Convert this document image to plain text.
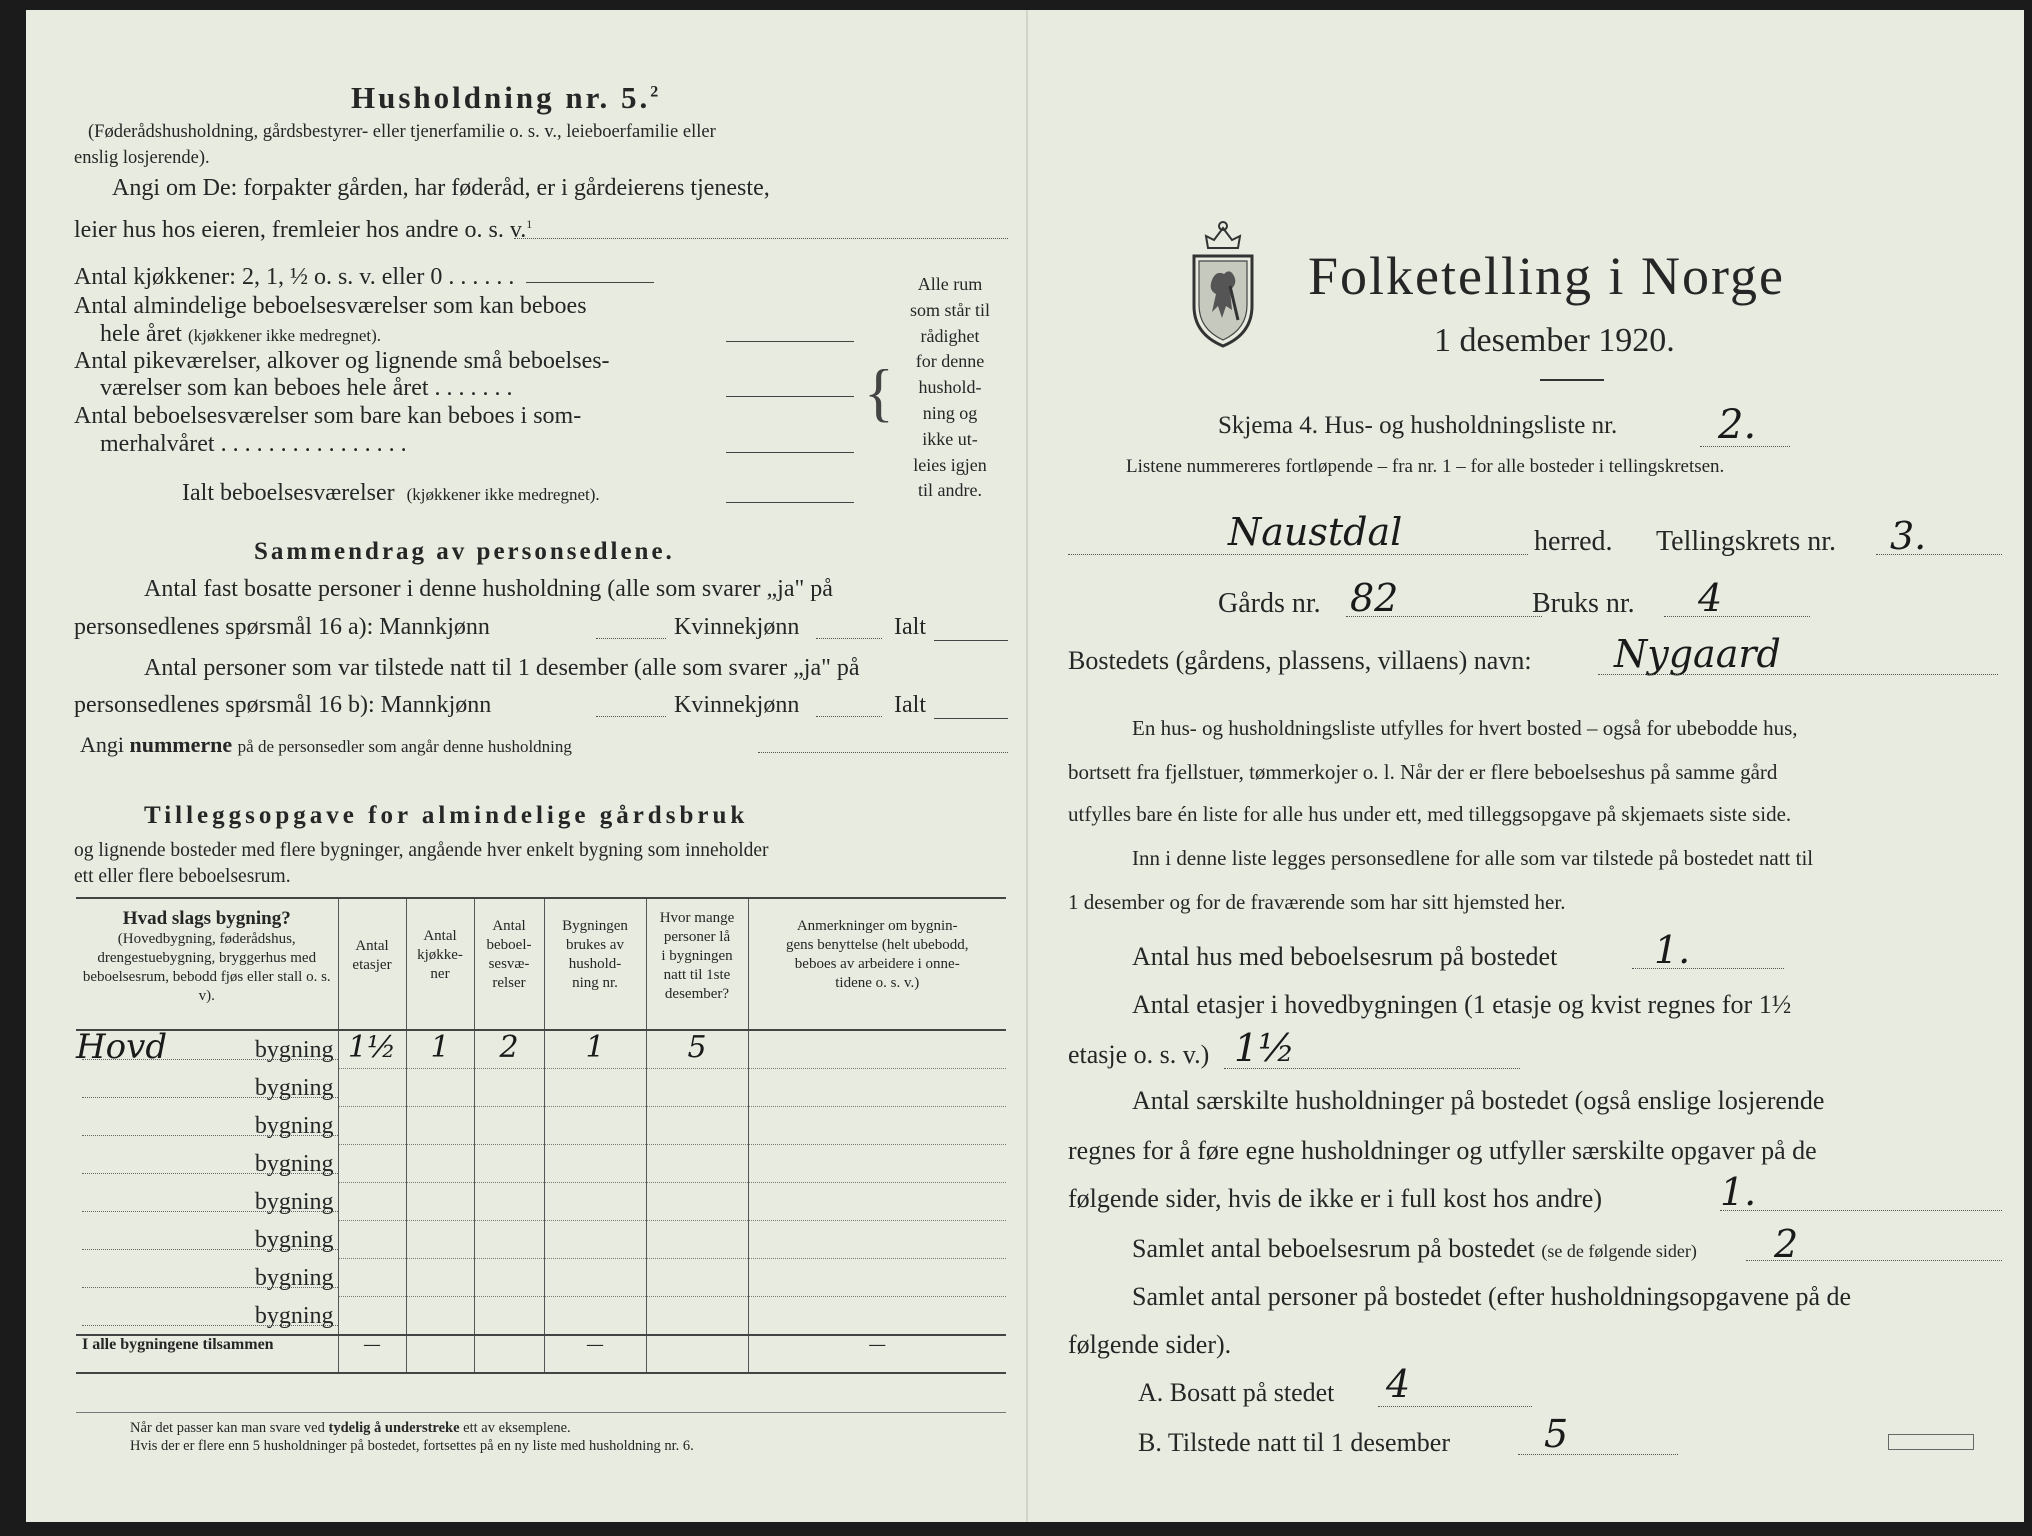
Husholdning nr. 5.$^2$
(Føderådshusholdning, gårdsbestyrer- eller tjenerfamilie o. s. v., leieboerfamilie eller
enslig losjerende).
Angi om De: forpakter gården, har føderåd, er i gårdeierens tjeneste,
leier hus hos eieren, fremleier hos andre o. s. v.$^1$
Antal kjøkkener: 2, 1, ½ o. s. v. eller 0 . . . . . .
Antal almindelige beboelsesværelser som kan beboes
hele året (kjøkkener ikke medregnet).
Antal pikeværelser, alkover og lignende små beboelses-
værelser som kan beboes hele året . . . . . . .
Antal beboelsesværelser som bare kan beboes i som-
merhalvåret . . . . . . . . . . . . . . . .
Ialt beboelsesværelser (kjøkkener ikke medregnet).
{
Alle rum
som står til
rådighet
for denne
hushold-
ning og
ikke ut-
leies igjen
til andre.
Sammendrag av personsedlene.
Antal fast bosatte personer i denne husholdning (alle som svarer „ja" på
personsedlenes spørsmål 16 a): Mannkjønn	Kvinnekjønn	Ialt
Antal personer som var tilstede natt til 1 desember (alle som svarer „ja" på
personsedlenes spørsmål 16 b): Mannkjønn	Kvinnekjønn	Ialt
Angi nummerne på de personsedler som angår denne husholdning
Tilleggsopgave for almindelige gårdsbruk
og lignende bosteder med flere bygninger, angående hver enkelt bygning som inneholder
ett eller flere beboelsesrum.
Hvad slags bygning?
(Hovedbygning, føderådshus, drengestuebygning, bryggerhus med beboelsesrum, bebodd fjøs eller stall o. s. v).	Antal
etasjer	Antal
kjøkke-
ner	Antal
beboel-
sesvæ-
relser	Bygningen
brukes av
hushold-
ning nr.	Hvor mange
personer lå
i bygningen
natt til 1ste
desember?	Anmerkninger om bygnin-
gens benyttelse (helt ubebodd,
beboes av arbeidere i onne-
tidene o. s. v.)

Hovd bygning	1½	1	2	1	5	

bygning						

bygning						

bygning						

bygning						

bygning						

bygning						

bygning						

I alle bygningene tilsammen	—			—		—
Når det passer kan man svare ved tydelig å understreke ett av eksemplene.
Hvis der er flere enn 5 husholdninger på bostedet, fortsettes på en ny liste med husholdning nr. 6.
Folketelling i Norge
1 desember 1920.
Skjema 4. Hus- og husholdningsliste nr.	2.
Listene nummereres fortløpende – fra nr. 1 – for alle bosteder i tellingskretsen.
Naustdal	herred. Tellingskrets nr. 3.
Gårds nr. 82	Bruks nr. 4
Bostedets (gårdens, plassens, villaens) navn: Nygaard
En hus- og husholdningsliste utfylles for hvert bosted – også for ubebodde hus,
bortsett fra fjellstuer, tømmerkojer o. l. Når der er flere beboelseshus på samme gård
utfylles bare én liste for alle hus under ett, med tilleggsopgave på skjemaets siste side.
Inn i denne liste legges personsedlene for alle som var tilstede på bostedet natt til
1 desember og for de fraværende som har sitt hjemsted her.
Antal hus med beboelsesrum på bostedet	1.
Antal etasjer i hovedbygningen (1 etasje og kvist regnes for 1½
etasje o. s. v.) 1½
Antal særskilte husholdninger på bostedet (også enslige losjerende
regnes for å føre egne husholdninger og utfyller særskilte opgaver på de
følgende sider, hvis de ikke er i full kost hos andre)	1.
Samlet antal beboelsesrum på bostedet (se de følgende sider) 2
Samlet antal personer på bostedet (efter husholdningsopgavene på de
følgende sider).
A. Bosatt på stedet 4
B. Tilstede natt til 1 desember 5
